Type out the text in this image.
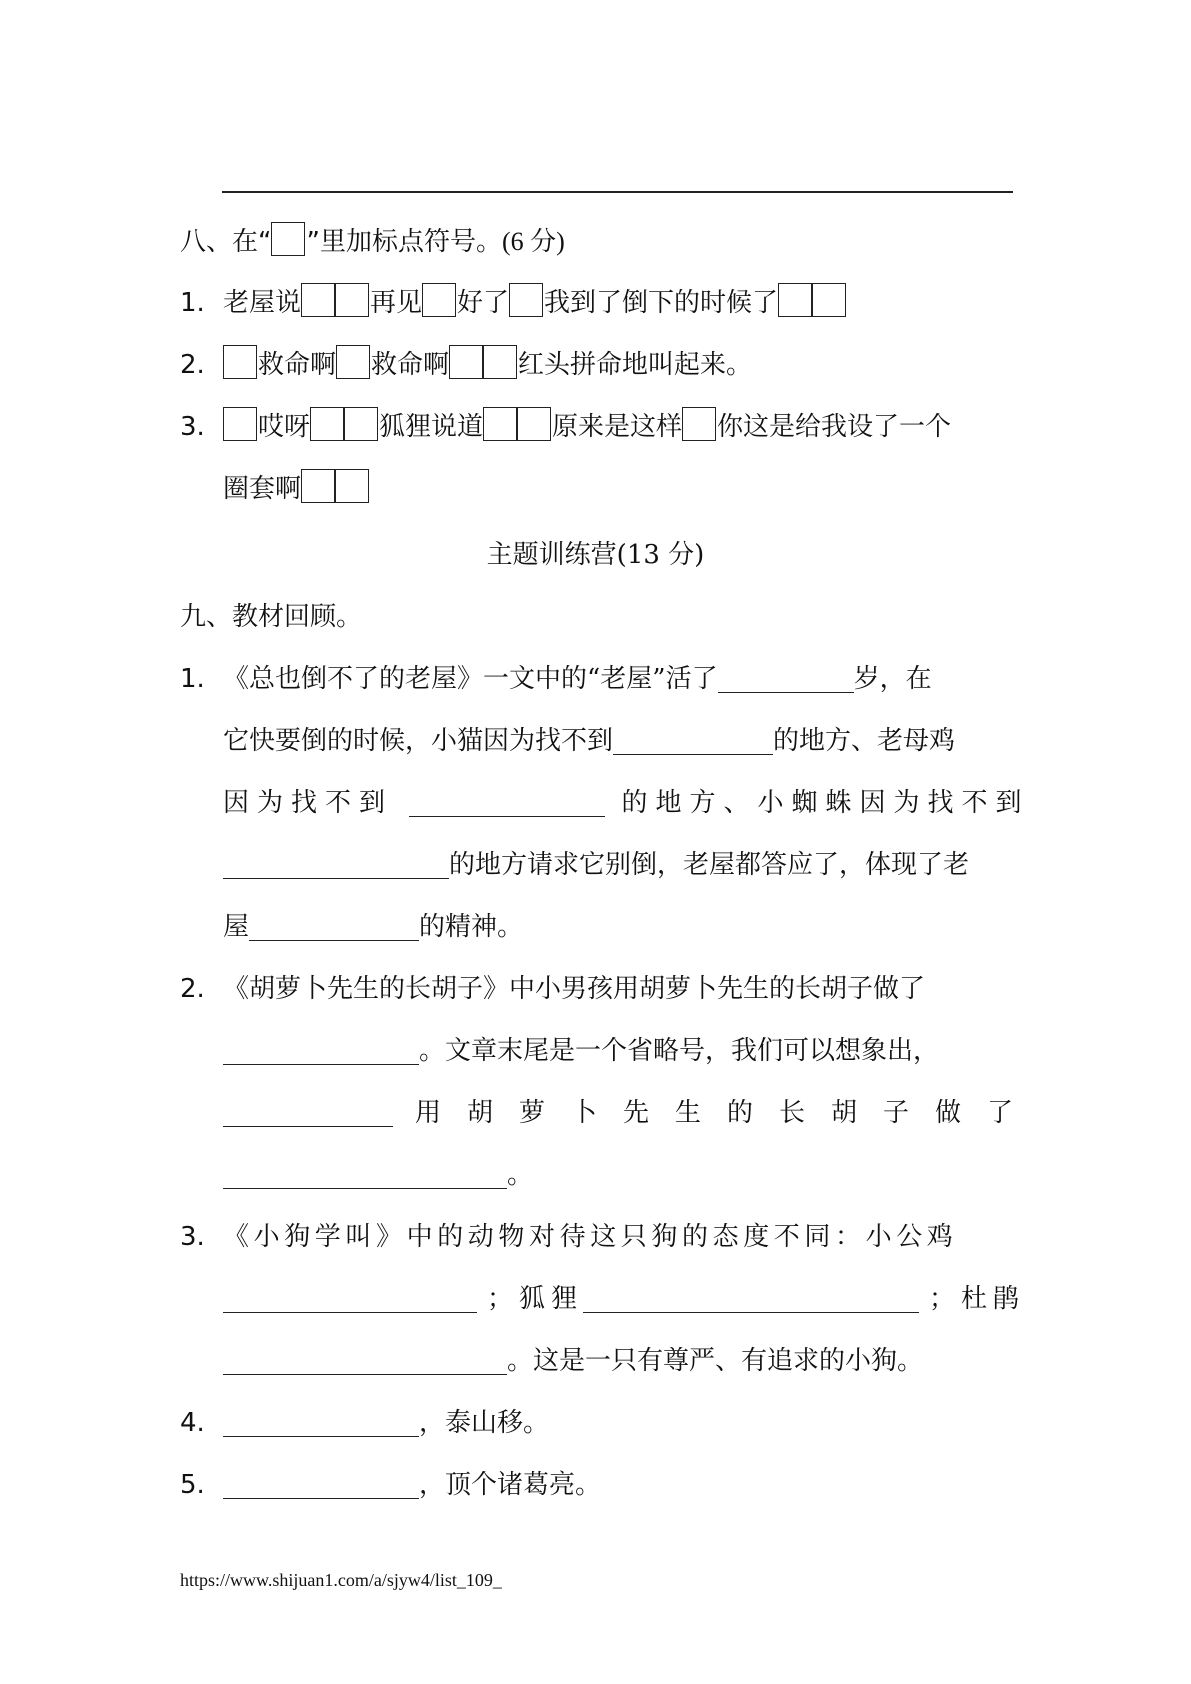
八、在“ ”里加标点符号。(6 分)
1. 老屋说	再见 好了 我到了倒下的时候了
2.	救命啊 救命啊	红头拼命地叫起来。
3.	哎呀	狐狸说道	原来是这样 你这是给我设了一个
圈套啊
主题训练营(13 分)
九、教材回顾。
1. 《总也倒不了的老屋》一文中的“老屋”活了	岁，在
它快要倒的时候，小猫因为找不到	的地方、老母鸡
因为找不到	的地方、小蜘蛛因为找不到
的地方请求它别倒，老屋都答应了，体现了老
屋	的精神。
2. 《胡萝卜先生的长胡子》中小男孩用胡萝卜先生的长胡子做了
。文章末尾是一个省略号，我们可以想象出，
用胡萝卜先生的长胡子做了
。
3. 《小狗学叫》中的动物对待这只狗的态度不同：小公鸡
；狐狸	；杜鹃
。这是一只有尊严、有追求的小狗。
4.	，泰山移。
5.	，顶个诸葛亮。
https://www.shijuan1.com/a/sjyw4/list_109_
